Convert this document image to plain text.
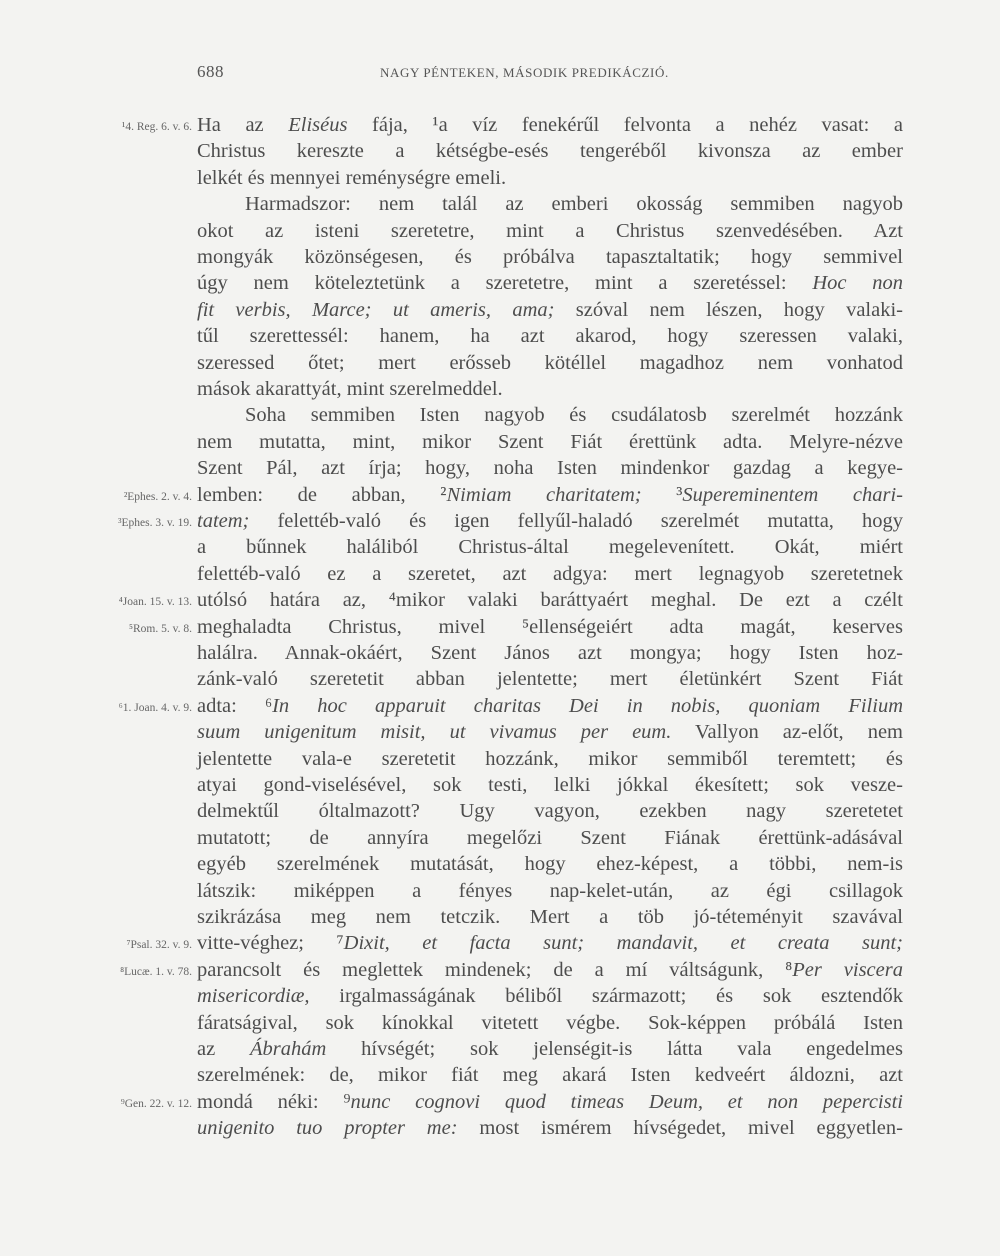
688	NAGY PÉNTEKEN, MÁSODIK PREDIKÁCZIÓ.
Ha az Eliséus fája, ¹a víz fenekérűl felvonta a nehéz vasat: a
Christus kereszte a kétségbe-esés tengeréből kivonsza az ember
lelkét és mennyei reménységre emeli.
Harmadszor: nem talál az emberi okosság semmiben nagyob
okot az isteni szeretetre, mint a Christus szenvedésében. Azt
mongyák közönségesen, és próbálva tapasztaltatik; hogy semmivel
úgy nem köteleztetünk a szeretetre, mint a szeretéssel: Hoc non
fit verbis, Marce; ut ameris, ama; szóval nem lészen, hogy valaki-
tűl szerettessél: hanem, ha azt akarod, hogy szeressen valaki,
szeressed őtet; mert erősseb kötéllel magadhoz nem vonhatod
mások akarattyát, mint szerelmeddel.
Soha semmiben Isten nagyob és csudálatosb szerelmét hozzánk
nem mutatta, mint, mikor Szent Fiát érettünk adta. Melyre-nézve
Szent Pál, azt írja; hogy, noha Isten mindenkor gazdag a kegye-
lemben: de abban, ²Nimiam charitatem; ³Supereminentem chari-
tatem; felettéb-való és igen fellyűl-haladó szerelmét mutatta, hogy
a bűnnek haláliból Christus-által megelevenített. Okát, miért
felettéb-való ez a szeretet, azt adgya: mert legnagyob szeretetnek
utólsó határa az, ⁴mikor valaki baráttyaért meghal. De ezt a czélt
meghaladta Christus, mivel ⁵ellenségeiért adta magát, keserves
halálra. Annak-okáért, Szent János azt mongya; hogy Isten hoz-
zánk-való szeretetit abban jelentette; mert életünkért Szent Fiát
adta: ⁶In hoc apparuit charitas Dei in nobis, quoniam Filium
suum unigenitum misit, ut vivamus per eum. Vallyon az-előt, nem
jelentette vala-e szeretetit hozzánk, mikor semmiből teremtett; és
atyai gond-viselésével, sok testi, lelki jókkal ékesített; sok vesze-
delmektűl óltalmazott? Ugy vagyon, ezekben nagy szeretetet
mutatott; de annyíra megelőzi Szent Fiának érettünk-adásával
egyéb szerelmének mutatását, hogy ehez-képest, a többi, nem-is
látszik: miképpen a fényes nap-kelet-után, az égi csillagok
szikrázása meg nem tetczik. Mert a töb jó-téteményit szavával
vitte-véghez; ⁷Dixit, et facta sunt; mandavit, et creata sunt;
parancsolt és meglettek mindenek; de a mí váltságunk, ⁸Per viscera
misericordiæ, irgalmasságának béliből származott; és sok esztendők
fáratságival, sok kínokkal vitetett végbe. Sok-képpen próbálá Isten
az Ábrahám hívségét; sok jelenségit-is látta vala engedelmes
szerelmének: de, mikor fiát meg akará Isten kedveért áldozni, azt
mondá néki: ⁹nunc cognovi quod timeas Deum, et non pepercisti
unigenito tuo propter me: most ismérem hívségedet, mivel eggyetlen-
¹4. Reg. 6. v. 6.
²Ephes. 2. v. 4.
³Ephes. 3. v. 19.
⁴Joan. 15. v. 13.
⁵Rom. 5. v. 8.
⁶1. Joan. 4. v. 9.
⁷Psal. 32. v. 9.
⁸Lucæ. 1. v. 78.
⁹Gen. 22. v. 12.
